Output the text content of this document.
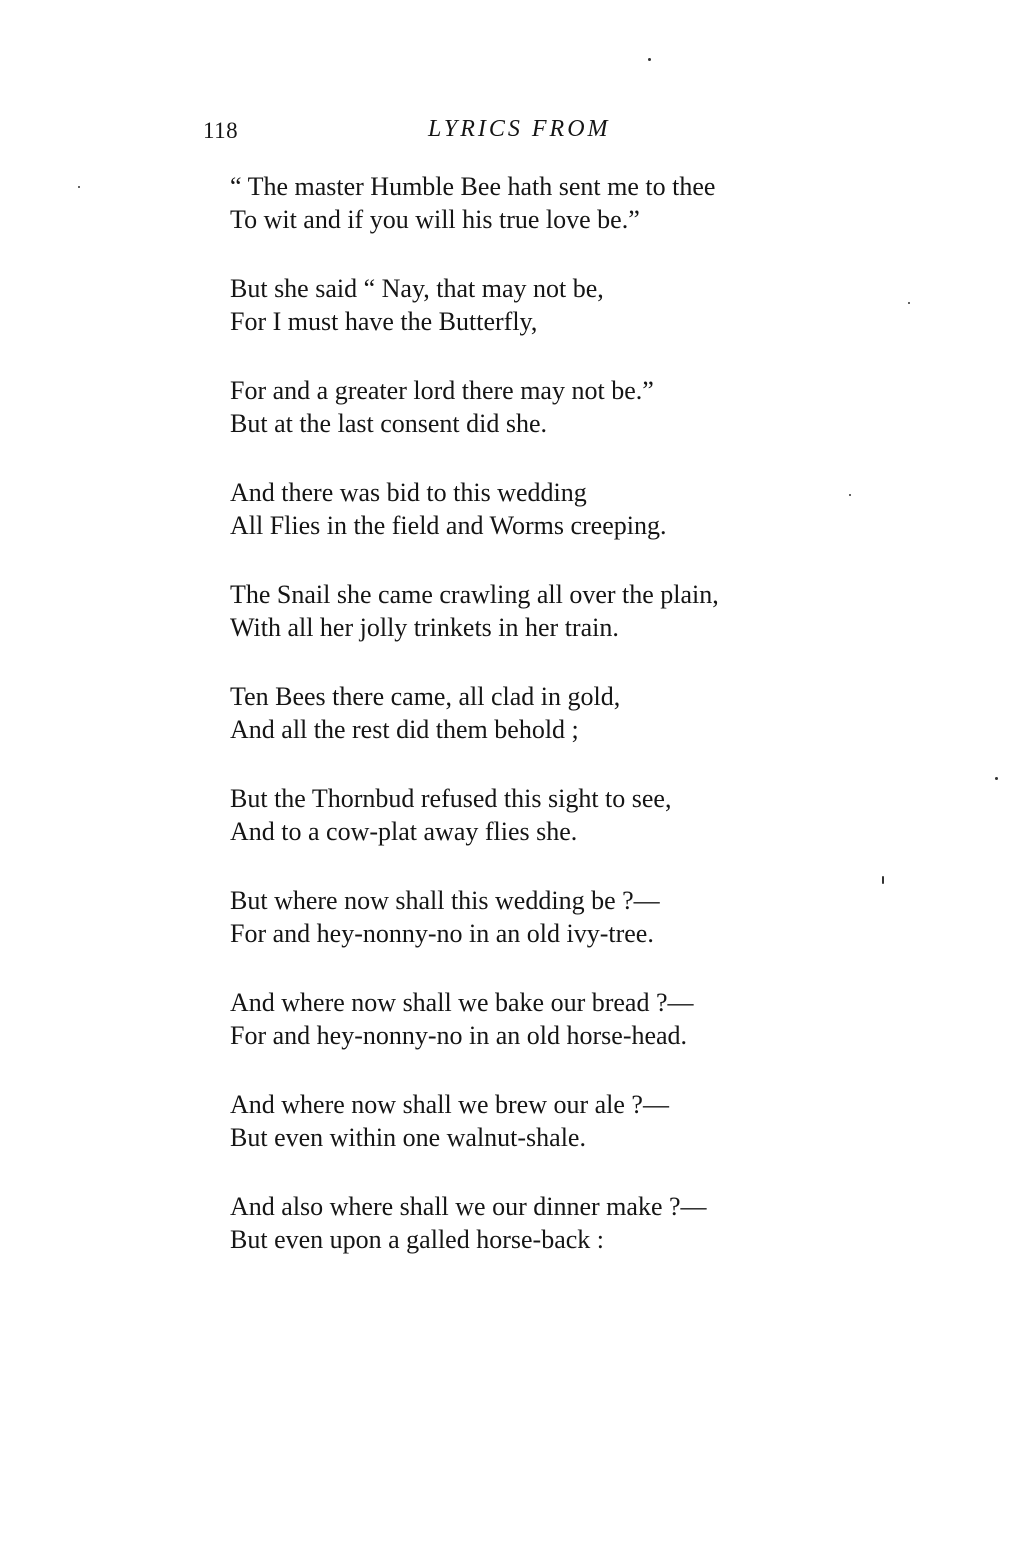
118	LYRICS FROM
“ The master Humble Bee hath sent me to thee
To wit and if you will his true love be.”
But she said “ Nay, that may not be,
For I must have the Butterfly,
For and a greater lord there may not be.”
But at the last consent did she.
And there was bid to this wedding
All Flies in the field and Worms creeping.
The Snail she came crawling all over the plain,
With all her jolly trinkets in her train.
Ten Bees there came, all clad in gold,
And all the rest did them behold ;
But the Thornbud refused this sight to see,
And to a cow-plat away flies she.
But where now shall this wedding be ?—
For and hey-nonny-no in an old ivy-tree.
And where now shall we bake our bread ?—
For and hey-nonny-no in an old horse-head.
And where now shall we brew our ale ?—
But even within one walnut-shale.
And also where shall we our dinner make ?—
But even upon a galled horse-back :
